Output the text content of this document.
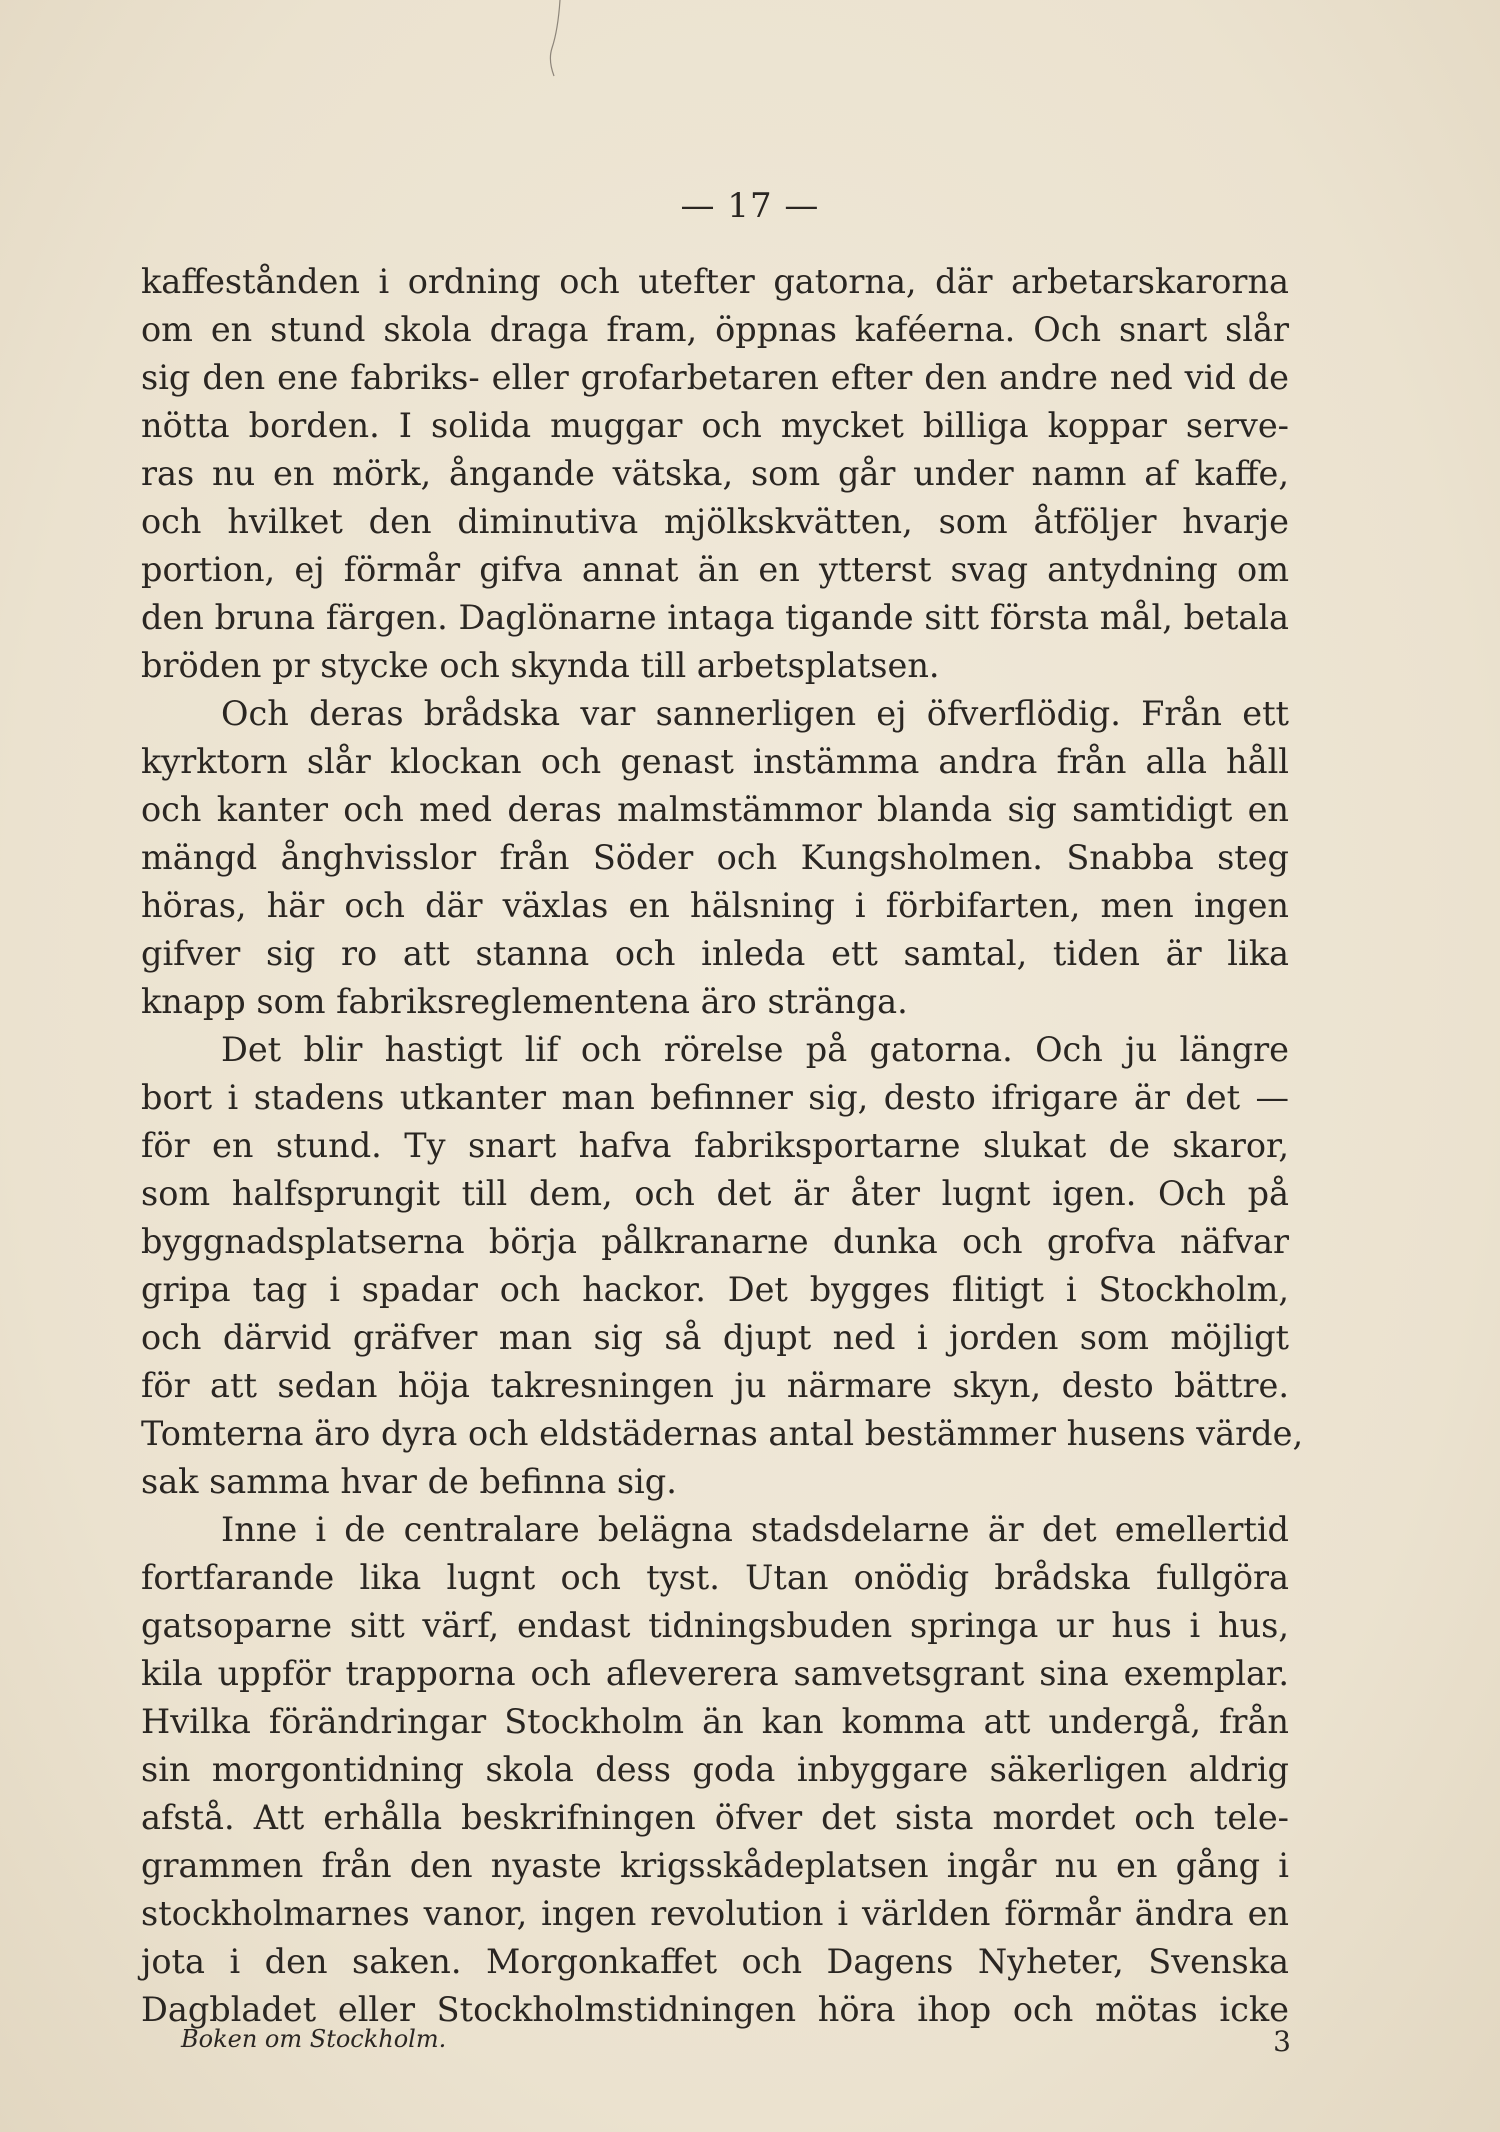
— 17 —
kaffestånden i ordning och utefter gatorna, där arbetarskarorna
om en stund skola draga fram, öppnas kaféerna. Och snart slår
sig den ene fabriks- eller grofarbetaren efter den andre ned vid de
nötta borden. I solida muggar och mycket billiga koppar serve-
ras nu en mörk, ångande vätska, som går under namn af kaffe,
och hvilket den diminutiva mjölkskvätten, som åtföljer hvarje
portion, ej förmår gifva annat än en ytterst svag antydning om
den bruna färgen. Daglönarne intaga tigande sitt första mål, betala
bröden pr stycke och skynda till arbetsplatsen.
Och deras brådska var sannerligen ej öfverflödig. Från ett
kyrktorn slår klockan och genast instämma andra från alla håll
och kanter och med deras malmstämmor blanda sig samtidigt en
mängd ånghvisslor från Söder och Kungsholmen. Snabba steg
höras, här och där växlas en hälsning i förbifarten, men ingen
gifver sig ro att stanna och inleda ett samtal, tiden är lika
knapp som fabriksreglementena äro stränga.
Det blir hastigt lif och rörelse på gatorna. Och ju längre
bort i stadens utkanter man befinner sig, desto ifrigare är det —
för en stund. Ty snart hafva fabriksportarne slukat de skaror,
som halfsprungit till dem, och det är åter lugnt igen. Och på
byggnadsplatserna börja pålkranarne dunka och grofva näfvar
gripa tag i spadar och hackor. Det bygges flitigt i Stockholm,
och därvid gräfver man sig så djupt ned i jorden som möjligt
för att sedan höja takresningen ju närmare skyn, desto bättre.
Tomterna äro dyra och eldstädernas antal bestämmer husens värde,
sak samma hvar de befinna sig.
Inne i de centralare belägna stadsdelarne är det emellertid
fortfarande lika lugnt och tyst. Utan onödig brådska fullgöra
gatsoparne sitt värf, endast tidningsbuden springa ur hus i hus,
kila uppför trapporna och afleverera samvetsgrant sina exemplar.
Hvilka förändringar Stockholm än kan komma att undergå, från
sin morgontidning skola dess goda inbyggare säkerligen aldrig
afstå. Att erhålla beskrifningen öfver det sista mordet och tele-
grammen från den nyaste krigsskådeplatsen ingår nu en gång i
stockholmarnes vanor, ingen revolution i världen förmår ändra en
jota i den saken. Morgonkaffet och Dagens Nyheter, Svenska
Dagbladet eller Stockholmstidningen höra ihop och mötas icke
Boken om Stockholm.	3
